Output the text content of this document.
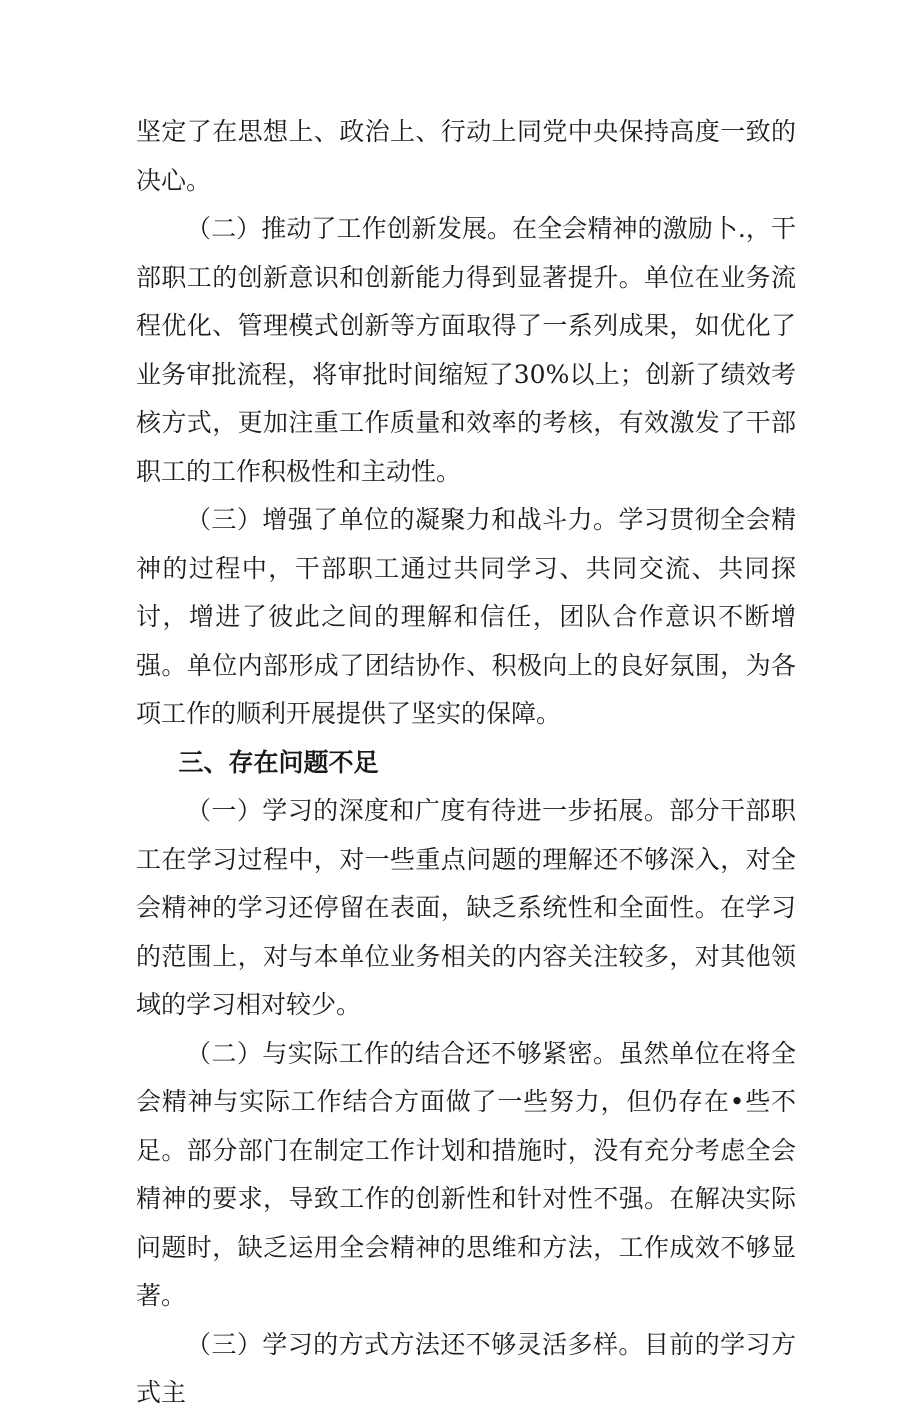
坚定了在思想上、政治上、行动上同党中央保持高度一致的决心。

（二）推动了工作创新发展。在全会精神的激励卜.，干部职工的创新意识和创新能力得到显著提升。单位在业务流程优化、管理模式创新等方面取得了一系列成果，如优化了业务审批流程，将审批时间缩短了30%以上；创新了绩效考核方式，更加注重工作质量和效率的考核，有效激发了干部职工的工作积极性和主动性。

（三）增强了单位的凝聚力和战斗力。学习贯彻全会精神的过程中，干部职工通过共同学习、共同交流、共同探讨，增进了彼此之间的理解和信任，团队合作意识不断增强。单位内部形成了团结协作、积极向上的良好氛围，为各项工作的顺利开展提供了坚实的保障。

三、存在问题不足

（一）学习的深度和广度有待进一步拓展。部分干部职工在学习过程中，对一些重点问题的理解还不够深入，对全会精神的学习还停留在表面，缺乏系统性和全面性。在学习的范围上，对与本单位业务相关的内容关注较多，对其他领域的学习相对较少。

（二）与实际工作的结合还不够紧密。虽然单位在将全会精神与实际工作结合方面做了一些努力，但仍存在•些不足。部分部门在制定工作计划和措施时，没有充分考虑全会精神的要求，导致工作的创新性和针对性不强。在解决实际问题时，缺乏运用全会精神的思维和方法，工作成效不够显著。

（三）学习的方式方法还不够灵活多样。目前的学习方式主
